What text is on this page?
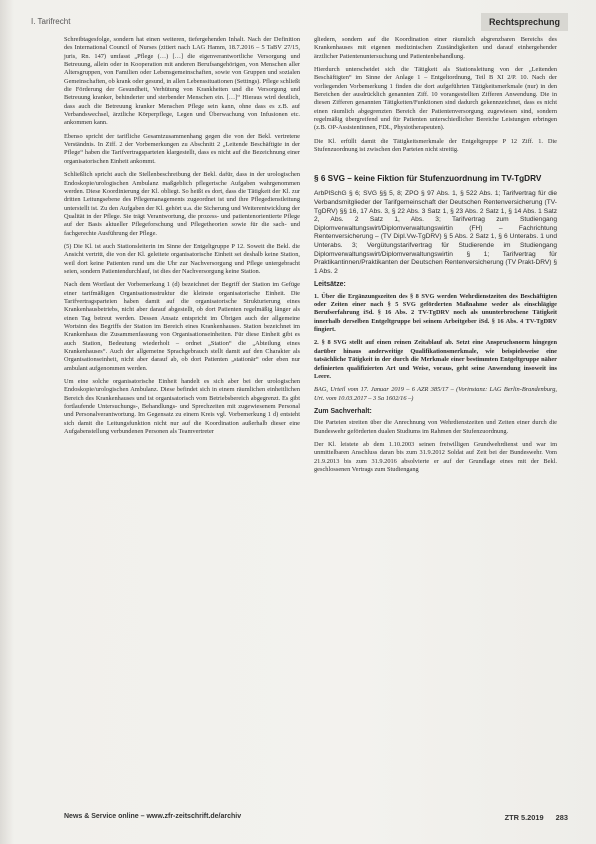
I. Tarifrecht	Rechtsprechung

Schreibtagesfolge, sondern hat einen weiteren, tiefergehenden Inhalt. Nach der Definition des International Council of Nurses (zitiert nach LAG Hamm, 18.7.2016 – 5 TaBV 27/15, juris, Rn. 147) umfasst „Pflege (…) […] die eigenverantwortliche Versorgung und Betreuung, allein oder in Kooperation mit anderen Berufsangehörigen, von Menschen aller Altersgruppen, von Familien oder Lebensgemeinschaften, sowie von Gruppen und sozialen Gemeinschaften, ob krank oder gesund, in allen Lebenssituationen (Settings). Pflege schließt die Förderung der Gesundheit, Verhütung von Krankheiten und die Versorgung und Betreuung kranker, behinderter und sterbender Menschen ein. […]“ Hieraus wird deutlich, dass auch die Betreuung kranker Menschen Pflege sein kann, ohne dass es z.B. auf Verbandswechsel, ärztliche Körperpflege, Legen und Überwachung von Infusionen etc. ankommen kann.

Ebenso spricht der tarifliche Gesamtzusammenhang gegen die von der Bekl. vertretene Verständnis. In Ziff. 2 der Vorbemerkungen zu Abschnitt 2 „Leitende Beschäftigte in der Pflege“ haben die Tarifvertragsparteien klargestellt, dass es nicht auf die Bezeichnung einer organisatorischen Einheit ankommt.

Schließlich spricht auch die Stellenbeschreibung der Bekl. dafür, dass in der urologischen Endoskopie/urologischen Ambulanz maßgeblich pflegerische Aufgaben wahrgenommen werden. Diese Koordinierung der Kl. obliegt. So heißt es dort, dass die Tätigkeit der Kl. zur dritten Leitungsebene des Pflegemanagements zugeordnet ist und ihre Pflegedienstleitung unterstellt ist. Zu den Aufgaben der Kl. gehört u.a. die Sicherung und Weiterentwicklung der Qualität in der Pflege. Sie trägt Verantwortung, die prozess- und patientenorientierte Pflege auf der Basis aktueller Pflegeforschung und Pflegetheorien sowie für die sach- und fachgerechte Ausführung der Pflege.

(5) Die Kl. ist auch Stationsleiterin im Sinne der Entgeltgruppe P 12. Soweit die Bekl. die Ansicht vertritt, die von der Kl. geleitete organisatorische Einheit sei deshalb keine Station, weil dort keine Patienten rund um die Uhr zur Nachversorgung und Pflege untergebracht seien, sondern Patientendurchlauf, ist dies der Nachversorgung keine Station.

Nach dem Wortlaut der Vorbemerkung 1 (d) bezeichnet der Begriff der Station im Gefüge einer tarifmäßigen Organisationsstruktur die kleinste organisatorische Einheit. Die Tarifvertragsparteien haben damit auf die organisatorische Strukturierung eines Krankenhausbetriebs, nicht aber darauf abgestellt, ob dort Patienten regelmäßig länger als einen Tag betreut werden. Dessen Ansatz entspricht im Übrigen auch der allgemeine Wortsinn des Begriffs der Station im Bereich eines Krankenhauses. Station bezeichnet im Krankenhaus die Zusammenfassung von Organisationseinheiten. Für diese Einheit gibt es auch Station, Bedeutung wiederholt – ordnet „Station“ die „Abteilung eines Krankenhauses“. Auch der allgemeine Sprachgebrauch stellt damit auf den Charakter als Organisationseinheit, nicht aber darauf ab, ob dort Patienten „stationär“ oder eben nur ambulant aufgenommen werden.

Um eine solche organisatorische Einheit handelt es sich aber bei der urologischen Endoskopie/urologischen Ambulanz. Diese befindet sich in einem räumlichen einheitlichen Bereich des Krankenhauses und ist organisatorisch vom Betriebsbereich abgegrenzt. Es gibt fortlaufende Untersuchungs-, Behandlungs- und Sprechzeiten mit zugewiesenem Personal und Personalverantwortung. Im Gegensatz zu einem Kreis vgl. Vorbemerkung 1 d) entsteht sich damit die Leitungsfunktion nicht nur auf die Koordination außerhalb dieser eine Aufgabenstellung verbundenen Personen als Teamvertreter

gliedern, sondern auf die Koordination einer räumlich abgrenzbaren Bereichs des Krankenhauses mit eigenen medizinischen Zuständigkeiten und darauf einhergehender ärztlicher Patientenuntersuchung und Patientenbehandlung.

Hierdurch unterscheidet sich die Tätigkeit als Stationsleitung von der „Leitenden Beschäftigten“ im Sinne der Anlage 1 – Entgeltordnung, Teil B XI 2/P. 10. Nach der vorliegenden Vorbemerkung 1 finden die dort aufgeführten Tätigkeitsmerkmale (nur) in den Bereichen der ausdrücklich genannten Ziff. 10 vorangestellten Zifferen Anwendung. Die in diesen Zifferen genannten Tätigkeiten/Funktionen sind dadurch gekennzeichnet, dass es nicht einen räumlich abgegrenzten Bereich der Patientenversorgung zugewiesen sind, sondern regelmäßig übergreifend und für Patienten unterschiedlicher Bereiche Leistungen erbringen (z.B. OP-Assistentinnen, FDL, Physiotherapeuten).

Die Kl. erfüllt damit die Tätigkeitsmerkmale der Entgeltgruppe P 12 Ziff. 1. Die Stufenzuordnung ist zwischen den Parteien nicht streitig.

§ 6 SVG – keine Fiktion für Stufenzuordnung im TV-TgDRV

ArbPlSchG § 6; SVG §§ 5, 8; ZPO § 97 Abs. 1, § 522 Abs. 1; Tarifvertrag für die Verbandsmitglieder der Tarifgemeinschaft der Deutschen Rentenversicherung (TV-TgDRV) §§ 16, 17 Abs. 3, § 22 Abs. 3 Satz 1, § 23 Abs. 2 Satz 1, § 14 Abs. 1 Satz 2, Abs. 2 Satz 1, Abs. 3; Tarifvertrag zum Studiengang Diplomverwaltungswirt/Diplomverwaltungswirtin (FH) – Fachrichtung Rentenversicherung – (TV Dipl.Vw-TgDRV) § 5 Abs. 2 Satz 1, § 6 Unterabs. 1 und Unterabs. 3; Vergütungstarifvertrag für Studierende im Studiengang Diplomverwaltungswirt/Diplomverwaltungswirtin § 1; Tarifvertrag für Praktikantinnen/Praktikanten der Deutschen Rentenversicherung (TV Prakt-DRV) § 1 Abs. 2

Leitsätze:

1. Über die Ergänzungszeiten des § 8 SVG werden Wehrdienstzeiten des Beschäftigten oder Zeiten einer nach § 5 SVG geförderten Maßnahme weder als einschlägige Berufserfahrung iSd. § 16 Abs. 2 TV-TgDRV noch als ununterbrochene Tätigkeit innerhalb derselben Entgeltgruppe bei seinem Arbeitgeber iSd. § 16 Abs. 4 TV-TgDRV fingiert.

2. § 8 SVG stellt auf einen reinen Zeitablauf ab. Setzt eine Anspruchsnorm hingegen darüber hinaus anderweitige Qualifikationsmerkmale, wie beispielsweise eine tatsächliche Tätigkeit in der durch die Merkmale einer bestimmten Entgeltgruppe näher definierten qualifizierten Art und Weise, voraus, geht seine Anwendung insoweit ins Leere.

BAG, Urteil vom 17. Januar 2019 – 6 AZR 385/17 – (Vorinstanz: LAG Berlin-Brandenburg, Urt. vom 10.03.2017 – 3 Sa 1602/16 –)

Zum Sachverhalt:

Die Parteien streiten über die Anrechnung von Wehrdienstzeiten und Zeiten einer durch die Bundeswehr geförderten dualen Studiums im Rahmen der Stufenzuordnung.

Der Kl. leistete ab dem 1.10.2003 seinen freiwilligen Grundwehrdienst und war im unmittelbaren Anschluss daran bis zum 31.9.2012 Soldat auf Zeit bei der Bundeswehr. Vom 21.9.2013 bis zum 31.9.2016 absolvierte er auf der Grundlage eines mit der Bekl. geschlossenen Vertrags zum Studiengang

News & Service online – www.zfr-zeitschrift.de/archiv	ZTR 5.2019 283
